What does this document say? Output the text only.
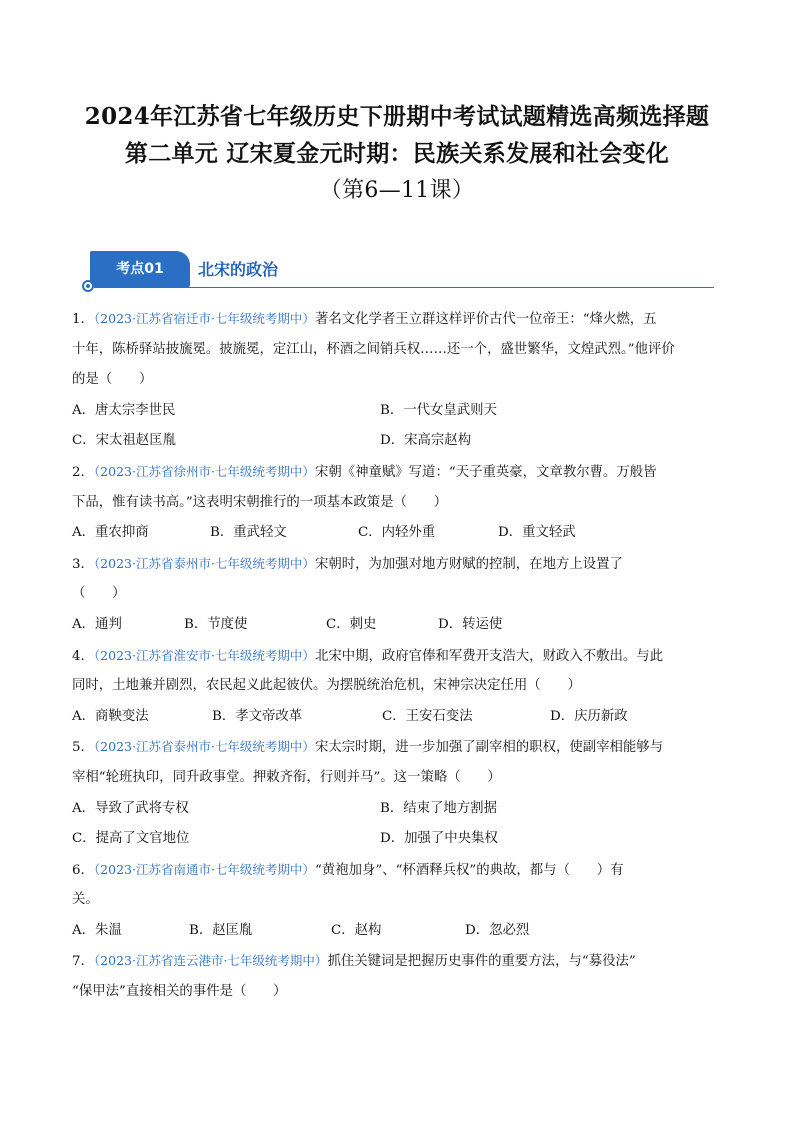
2024年江苏省七年级历史下册期中考试试题精选高频选择题
第二单元 辽宋夏金元时期：民族关系发展和社会变化
（第6—11课）
考点01	北宋的政治
1．（2023·江苏省宿迁市·七年级统考期中）著名文化学者王立群这样评价古代一位帝王：“烽火燃，五
十年，陈桥驿站披旒冕。披旒冕，定江山，杯酒之间销兵权……还一个，盛世繁华，文煌武烈。”他评价
的是（　　）
A．唐太宗李世民	B．一代女皇武则天
C．宋太祖赵匡胤	D．宋高宗赵构
2．（2023·江苏省徐州市·七年级统考期中）宋朝《神童赋》写道：“天子重英豪，文章教尔曹。万般皆
下品，惟有读书高。”这表明宋朝推行的一项基本政策是（　　）
A．重农抑商	B．重武轻文	C．内轻外重	D．重文轻武
3．（2023·江苏省泰州市·七年级统考期中）宋朝时，为加强对地方财赋的控制，在地方上设置了
（　　）
A．通判	B．节度使	C．刺史	D．转运使
4．（2023·江苏省淮安市·七年级统考期中）北宋中期，政府官俸和军费开支浩大，财政入不敷出。与此
同时，土地兼并剧烈，农民起义此起彼伏。为摆脱统治危机，宋神宗决定任用（　　）
A．商鞅变法	B．孝文帝改革	C．王安石变法	D．庆历新政
5．（2023·江苏省泰州市·七年级统考期中）宋太宗时期，进一步加强了副宰相的职权，使副宰相能够与
宰相“轮班执印，同升政事堂。押敕齐衔，行则并马”。这一策略（　　）
A．导致了武将专权	B．结束了地方割据
C．提高了文官地位	D．加强了中央集权
6．（2023·江苏省南通市·七年级统考期中）“黄袍加身”、“杯酒释兵权”的典故，都与（　　）有
关。
A．朱温	B．赵匡胤	C．赵构	D．忽必烈
7．（2023·江苏省连云港市·七年级统考期中）抓住关键词是把握历史事件的重要方法，与“募役法”
“保甲法”直接相关的事件是（　　）
